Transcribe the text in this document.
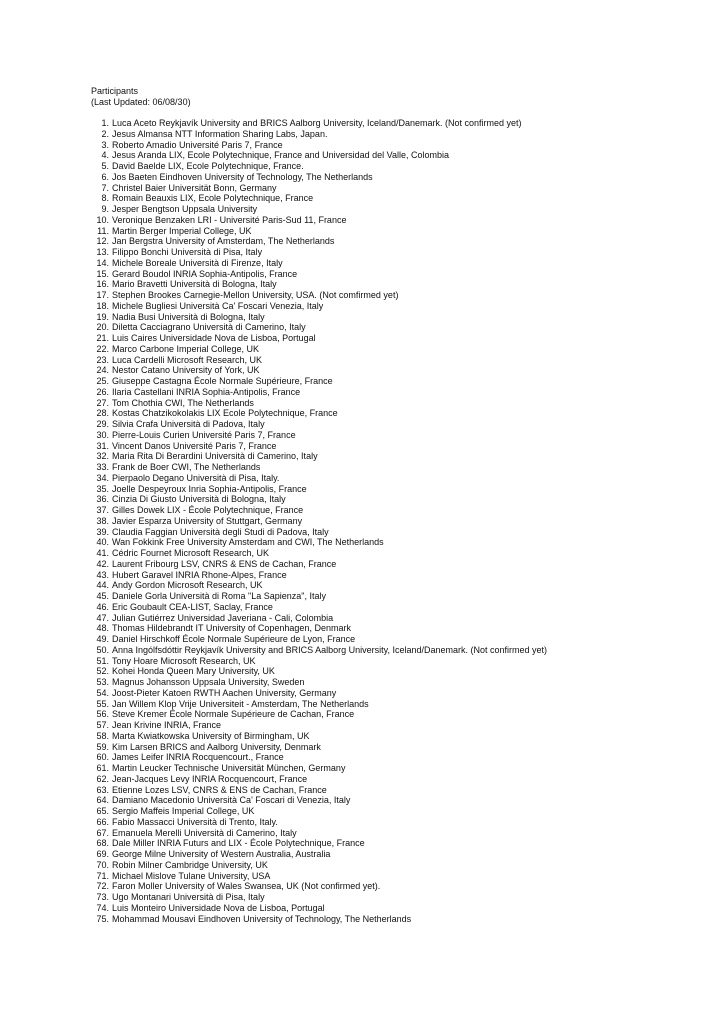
Participants
(Last Updated: 06/08/30)
1. Luca Aceto Reykjavík University and BRICS Aalborg University, Iceland/Danemark. (Not confirmed yet)
2. Jesus Almansa NTT Information Sharing Labs, Japan.
3. Roberto Amadio Université Paris 7, France
4. Jesus Aranda LIX, Ecole Polytechnique, France and Universidad del Valle, Colombia
5. David Baelde LIX, Ecole Polytechnique, France.
6. Jos Baeten Eindhoven University of Technology, The Netherlands
7. Christel Baier Universität Bonn, Germany
8. Romain Beauxis LIX, Ecole Polytechnique, France
9. Jesper Bengtson Uppsala University
10. Veronique Benzaken LRI - Université Paris-Sud 11, France
11. Martin Berger Imperial College, UK
12. Jan Bergstra University of Amsterdam, The Netherlands
13. Filippo Bonchi Università di Pisa, Italy
14. Michele Boreale Università di Firenze, Italy
15. Gerard Boudol INRIA Sophia-Antipolis, France
16. Mario Bravetti Università di Bologna, Italy
17. Stephen Brookes Carnegie-Mellon University, USA. (Not comfirmed yet)
18. Michele Bugliesi Università Ca' Foscari Venezia, Italy
19. Nadia Busi Università di Bologna, Italy
20. Diletta Cacciagrano Università di Camerino, Italy
21. Luis Caires Universidade Nova de Lisboa, Portugal
22. Marco Carbone Imperial College, UK
23. Luca Cardelli Microsoft Research, UK
24. Nestor Catano University of York, UK
25. Giuseppe Castagna École Normale Supérieure, France
26. Ilaria Castellani INRIA Sophia-Antipolis, France
27. Tom Chothia CWI, The Netherlands
28. Kostas Chatzikokolakis LIX Ecole Polytechnique, France
29. Silvia Crafa Università di Padova, Italy
30. Pierre-Louis Curien Université Paris 7, France
31. Vincent Danos Université Paris 7, France
32. Maria Rita Di Berardini Università di Camerino, Italy
33. Frank de Boer CWI, The Netherlands
34. Pierpaolo Degano Università di Pisa, Italy.
35. Joelle Despeyroux Inria Sophia-Antipolis, France
36. Cinzia Di Giusto Università di Bologna, Italy
37. Gilles Dowek LIX - École Polytechnique, France
38. Javier Esparza University of Stuttgart, Germany
39. Claudia Faggian Università degli Studi di Padova, Italy
40. Wan Fokkink Free University Amsterdam and CWI, The Netherlands
41. Cédric Fournet Microsoft Research, UK
42. Laurent Fribourg LSV, CNRS & ENS de Cachan, France
43. Hubert Garavel INRIA Rhone-Alpes, France
44. Andy Gordon Microsoft Research, UK
45. Daniele Gorla Università di Roma "La Sapienza", Italy
46. Eric Goubault CEA-LIST, Saclay, France
47. Julian Gutiérrez Universidad Javeriana - Cali, Colombia
48. Thomas Hildebrandt IT University of Copenhagen, Denmark
49. Daniel Hirschkoff École Normale Supérieure de Lyon, France
50. Anna Ingólfsdóttir Reykjavík University and BRICS Aalborg University, Iceland/Danemark. (Not confirmed yet)
51. Tony Hoare Microsoft Research, UK
52. Kohei Honda Queen Mary University, UK
53. Magnus Johansson Uppsala University, Sweden
54. Joost-Pieter Katoen RWTH Aachen University, Germany
55. Jan Willem Klop Vrije Universiteit - Amsterdam, The Netherlands
56. Steve Kremer École Normale Supérieure de Cachan, France
57. Jean Krivine INRIA, France
58. Marta Kwiatkowska University of Birmingham, UK
59. Kim Larsen BRICS and Aalborg University, Denmark
60. James Leifer INRIA Rocquencourt., France
61. Martin Leucker Technische Universität München, Germany
62. Jean-Jacques Levy INRIA Rocquencourt, France
63. Etienne Lozes LSV, CNRS & ENS de Cachan, France
64. Damiano Macedonio Università Ca' Foscari di Venezia, Italy
65. Sergio Maffeis Imperial College, UK
66. Fabio Massacci Università di Trento, Italy.
67. Emanuela Merelli Università di Camerino, Italy
68. Dale Miller INRIA Futurs and LIX - École Polytechnique, France
69. George Milne University of Western Australia, Australia
70. Robin Milner Cambridge University, UK
71. Michael Mislove Tulane University, USA
72. Faron Moller University of Wales Swansea, UK (Not confirmed yet).
73. Ugo Montanari Università di Pisa, Italy
74. Luis Monteiro Universidade Nova de Lisboa, Portugal
75. Mohammad Mousavi Eindhoven University of Technology, The Netherlands
